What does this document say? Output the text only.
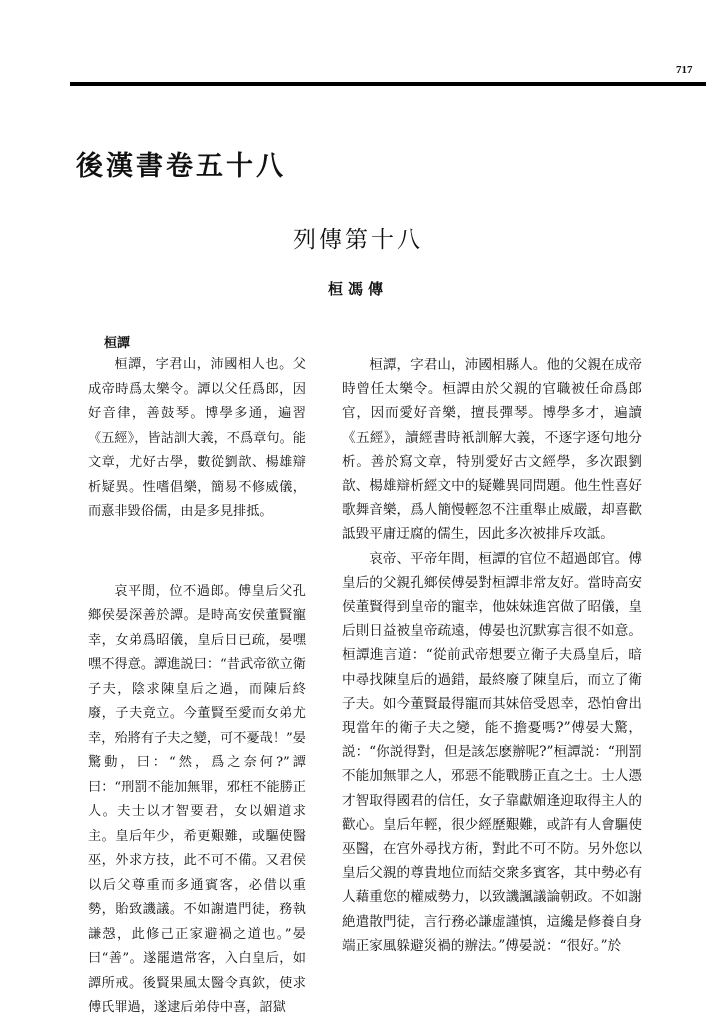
717
後漢書卷五十八
列傳第十八
桓馮傳
桓譚

桓譚，字君山，沛國相人也。父成帝時爲太樂令。譚以父任爲郎，因好音律，善鼓琴。博學多通，遍習《五經》，皆詁訓大義，不爲章句。能文章，尤好古學，數從劉歆、楊雄辯析疑異。性嗜倡樂，簡易不修威儀，而憙非毀俗儒，由是多見排抵。

哀平閒，位不過郎。傅皇后父孔鄉侯晏深善於譚。是時高安侯董賢寵幸，女弟爲昭儀，皇后日已疏，晏嘿嘿不得意。譚進説曰：“昔武帝欲立衛子夫，陰求陳皇后之過，而陳后終廢，子夫竟立。今董賢至愛而女弟尤幸，殆將有子夫之變，可不憂哉！”晏驚動，曰：“然，爲之奈何?”譚曰：“刑罰不能加無罪，邪枉不能勝正人。夫士以才智要君，女以媚道求主。皇后年少，希更艱難，或驅使醫巫，外求方技，此不可不備。又君侯以后父尊重而多通賓客，必借以重勢，貽致譏議。不如謝遣門徒，務執謙愨，此修己正家避禍之道也。”晏曰“善”。遂罷遣常客，入白皇后，如譚所戒。後賢果風太醫令真欽，使求傅氏罪過，遂逮后弟侍中喜，詔獄

桓譚，字君山，沛國相縣人。他的父親在成帝時曾任太樂令。桓譚由於父親的官職被任命爲郎官，因而愛好音樂，擅長彈琴。博學多才，遍讀《五經》，讀經書時衹訓解大義，不逐字逐句地分析。善於寫文章，特别愛好古文經學，多次跟劉歆、楊雄辯析經文中的疑難異同問題。他生性喜好歌舞音樂，爲人簡慢輕忽不注重舉止威嚴，却喜歡詆毀平庸迂腐的儒生，因此多次被排斥攻詆。

哀帝、平帝年間，桓譚的官位不超過郎官。傅皇后的父親孔鄉侯傅晏對桓譚非常友好。當時高安侯董賢得到皇帝的寵幸，他妹妹進宮做了昭儀，皇后則日益被皇帝疏遠，傅晏也沉默寡言很不如意。桓譚進言道：“從前武帝想要立衛子夫爲皇后，暗中尋找陳皇后的過錯，最終廢了陳皇后，而立了衛子夫。如今董賢最得寵而其妹倍受恩幸，恐怕會出現當年的衛子夫之變，能不擔憂嗎?”傅晏大驚，説：“你説得對，但是該怎麽辦呢?”桓譚説：“刑罰不能加無罪之人，邪惡不能戰勝正直之士。士人憑才智取得國君的信任，女子靠獻媚逢迎取得主人的歡心。皇后年輕，很少經歷艱難，或許有人會驅使巫醫，在宫外尋找方術，對此不可不防。另外您以皇后父親的尊貴地位而結交衆多賓客，其中勢必有人藉重您的權威勢力，以致譏諷議論朝政。不如謝絶遣散門徒，言行務必謙虚謹慎，這纔是修養自身端正家風躲避災禍的辦法。”傅晏説：“很好。”於
